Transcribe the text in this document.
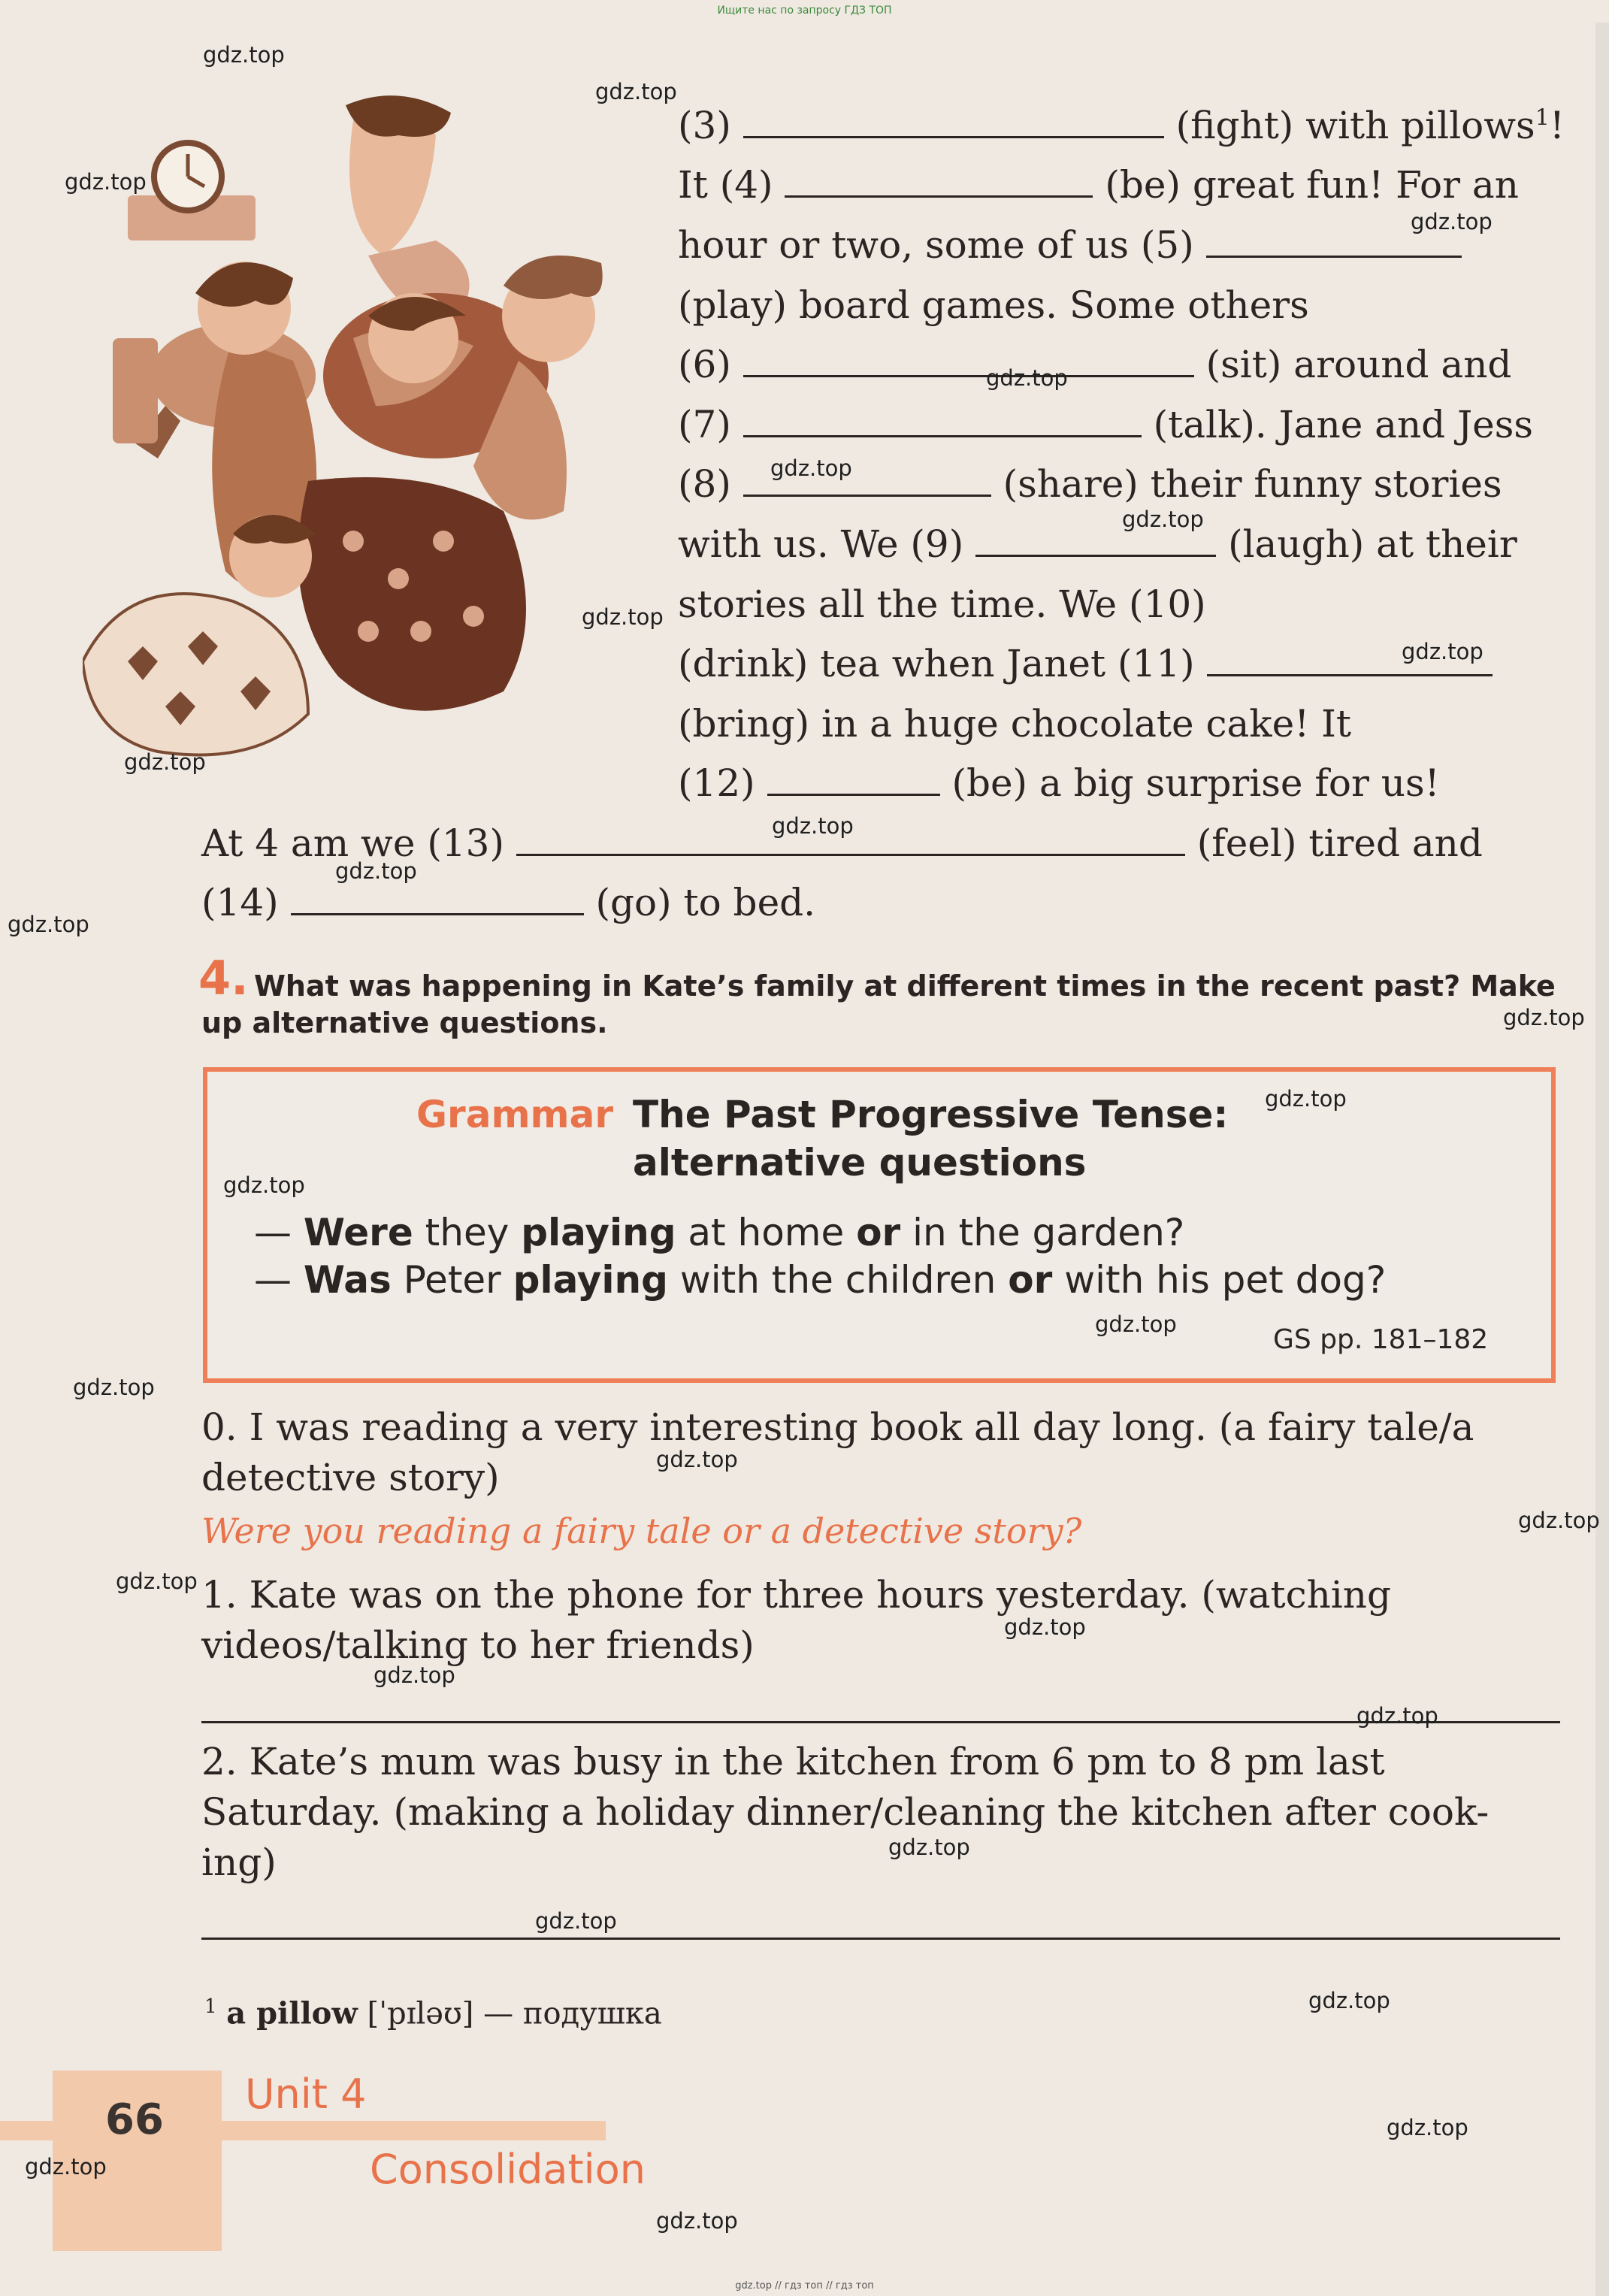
Ищите нас по запросу ГДЗ ТОП
(3)	(fight) with pillows$^1$!
It (4)	(be) great fun! For an
hour or two, some of us (5)
(play) board games. Some others
(6)	(sit) around and
(7)	(talk). Jane and Jess
(8)	(share) their funny stories
with us. We (9)	(laugh) at their
stories all the time. We (10)
(drink) tea when Janet (11)
(bring) in a huge chocolate cake! It
(12)	(be) a big surprise for us!
At 4 am we (13)	(feel) tired and
(14)	(go) to bed.
4. What was happening in Kate’s family at different times in the recent past? Make
up alternative questions.
Grammar The Past Progressive Tense:
alternative questions
— Were they playing at home or in the garden?
— Was Peter playing with the children or with his pet dog?
GS pp. 181–182
0. I was reading a very interesting book all day long. (a fairy tale/a
detective story)
Were you reading a fairy tale or a detective story?
1. Kate was on the phone for three hours yesterday. (watching
videos/talking to her friends)
2. Kate’s mum was busy in the kitchen from 6 pm to 8 pm last
Saturday. (making a holiday dinner/cleaning the kitchen after cook-
ing)
$^1$ a pillow [ˈpɪləʊ] — подушка
66
Unit 4
Consolidation
gdz.top
gdz.top
gdz.top
gdz.top
gdz.top
gdz.top
gdz.top
gdz.top
gdz.top
gdz.top
gdz.top
gdz.top
gdz.top
gdz.top
gdz.top
gdz.top
gdz.top
gdz.top
gdz.top
gdz.top
gdz.top
gdz.top
gdz.top
gdz.top
gdz.top
gdz.top
gdz.top
gdz.top
gdz.top
gdz.top
gdz.top // гдз топ // гдз топ
